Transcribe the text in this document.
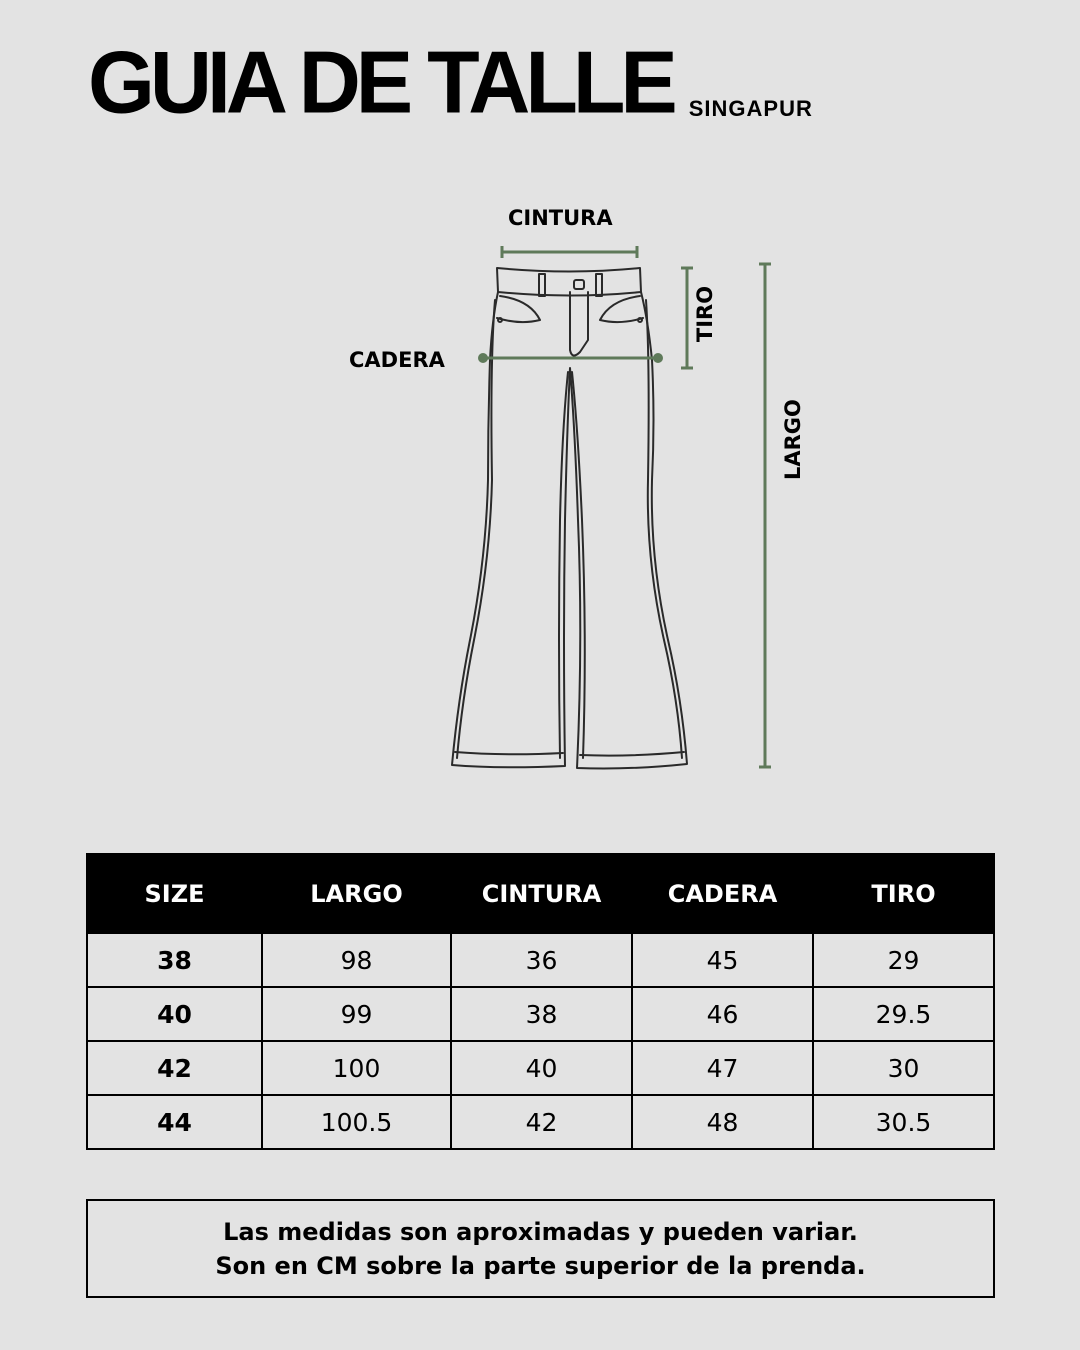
GUIA DE TALLE SINGAPUR
CINTURA
CADERA
TIRO
LARGO
SIZE	LARGO	CINTURA	CADERA	TIRO
38	98	36	45	29
40	99	38	46	29.5
42	100	40	47	30
44	100.5	42	48	30.5
Las medidas son aproximadas y pueden variar.
Son en CM sobre la parte superior de la prenda.
